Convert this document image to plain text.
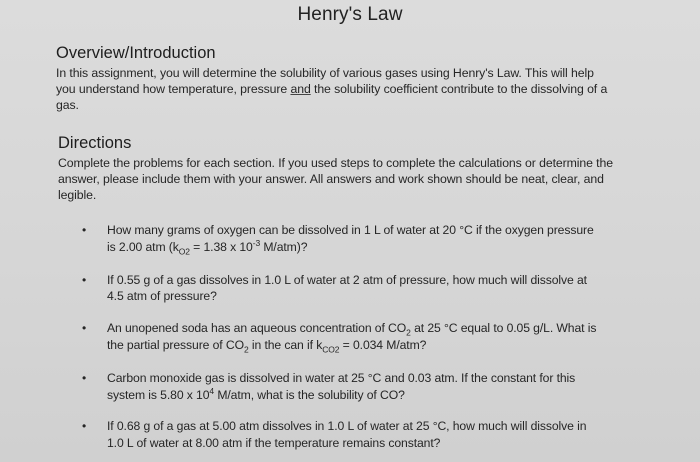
Henry's Law
Overview/Introduction

In this assignment, you will determine the solubility of various gases using Henry's Law. This will help you understand how temperature, pressure and the solubility coefficient contribute to the dissolving of a gas.

Directions

Complete the problems for each section. If you used steps to complete the calculations or determine the answer, please include them with your answer. All answers and work shown should be neat, clear, and legible.

• How many grams of oxygen can be dissolved in 1 L of water at 20 °C if the oxygen pressure is 2.00 atm ($k_{O2} = 1.38$ x $10^{-3}$ M/atm)?
• If 0.55 g of a gas dissolves in 1.0 L of water at 2 atm of pressure, how much will dissolve at 4.5 atm of pressure?
• An unopened soda has an aqueous concentration of $CO_2$ at 25 °C equal to 0.05 g/L. What is the partial pressure of $CO_2$ in the can if $k_{CO2} = 0.034$ M/atm?
• Carbon monoxide gas is dissolved in water at 25 °C and 0.03 atm. If the constant for this system is 5.80 x $10^4$ M/atm, what is the solubility of CO?
• If 0.68 g of a gas at 5.00 atm dissolves in 1.0 L of water at 25 °C, how much will dissolve in 1.0 L of water at 8.00 atm if the temperature remains constant?
